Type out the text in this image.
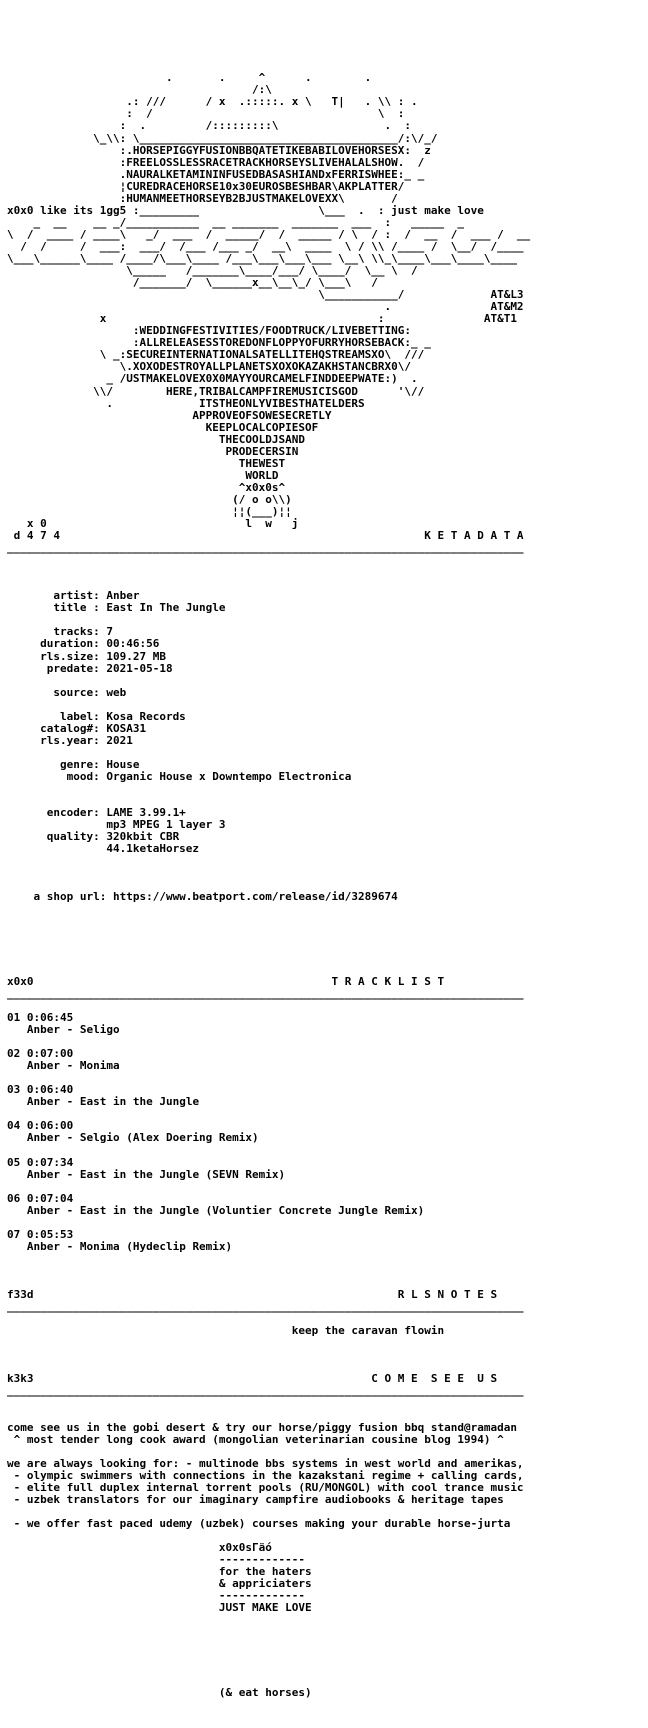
.       .     ^      .        .
/:\
.: ///      / x  .:::::. x \   T|   . \\ : .
:  /                                  \  :
:  .         /:::::::::\                .  :
\_\\: \_______________________________________/:\/_/
:.HORSEPIGGYFUSIONBBQATETIKEBABILOVEHORSESX:  z
:FREELOSSLESSRACETRACKHORSEYSLIVEHALALSHOW.  /
.NAURALKETAMININFUSEDBASASHIANDxFERRISWHEE:_ _
¦CUREDRACEHORSE10x30EUROSBESHBAR\AKPLATTER/
:HUMANMEETHORSEYB2BJUSTMAKELOVEXX\       /
x0x0 like its 1gg5 :_________                  \___  .  : just make love
_  __    __ _/___________  __ _______  _______  ___  :   _____  _
\  /  ____ / ____\   _/  ___  /  _____/  /  _____ / \  / :  /  __  /  ___ /  __
/  /     /  ___:  ___/  /___ /___ _/  __\  ____  \ / \\ /____ /  \__/  /____
\___\______\____ /____/\___\____ /___\___\___\___ \__\ \\_\____\___\____\____
\_____   /_______\____/___/ \____/  \__ \  /
/_______/  \______x__\__\_/ \___\   /
\___________/             AT&L3
.               AT&M2
x                                         :               AT&T1
:WEDDINGFESTIVITIES/FOODTRUCK/LIVEBETTING:
:ALLRELEASESSTOREDONFLOPPYOFURRYHORSEBACK:_ _
\ _:SECUREINTERNATIONALSATELLITEHQSTREAMSXO\  ///
\.XOXODESTROYALLPLANETSXOXOKAZAKHSTANCBRX0\/
_ /USTMAKELOVEX0X0MAYYOURCAMELFINDDEEPWATE:)  .
\\/        HERE,TRIBALCAMPFIREMUSICISGOD      '\//
.             ITSTHEONLYVIBESTHATELDERS
APPROVEOFSOWESECRETLY
KEEPLOCALCOPIESOF
THECOOLDJSAND
PRODECERSIN
THEWEST
WORLD
^x0x0s^
(/ o o\\)
¦¦(___)¦¦
x 0                              l  w   j
d 4 7 4                                                       K E T A D A T A
______________________________________________________________________________

artist: Anber
title : East In The Jungle

tracks: 7
duration: 00:46:56
rls.size: 109.27 MB
predate: 2021-05-18

source: web

label: Kosa Records
catalog#: KOSA31
rls.year: 2021

genre: House
mood: Organic House x Downtempo Electronica

encoder: LAME 3.99.1+
mp3 MPEG 1 layer 3
quality: 320kbit CBR
44.1ketaHorsez

a shop url: https://www.beatport.com/release/id/3289674

x0x0	T R A C K L I S T
______________________________________________________________________________

01 0:06:45
Anber - Seligo

02 0:07:00
Anber - Monima

03 0:06:40
Anber - East in the Jungle

04 0:06:00
Anber - Selgio (Alex Doering Remix)

05 0:07:34
Anber - East in the Jungle (SEVN Remix)

06 0:07:04
Anber - East in the Jungle (Voluntier Concrete Jungle Remix)

07 0:05:53
Anber - Monima (Hydeclip Remix)

f33d	R L S N O T E S
______________________________________________________________________________

keep the caravan flowin

k3k3	C O M E  S E E  U S
______________________________________________________________________________

come see us in the gobi desert & try our horse/piggy fusion bbq stand@ramadan
^ most tender long cook award (mongolian veterinarian cousine blog 1994) ^

we are always looking for: - multinode bbs systems in west world and amerikas,
- olympic swimmers with connections in the kazakstani regime + calling cards,
- elite full duplex internal torrent pools (RU/MONGOL) with cool trance music
- uzbek translators for our imaginary campfire audiobooks & heritage tapes

- we offer fast paced udemy (uzbek) courses making your durable horse-jurta

x0x0sГäó
-------------
for the haters
& appriciaters
-------------
JUST MAKE LOVE

(& eat horses)
